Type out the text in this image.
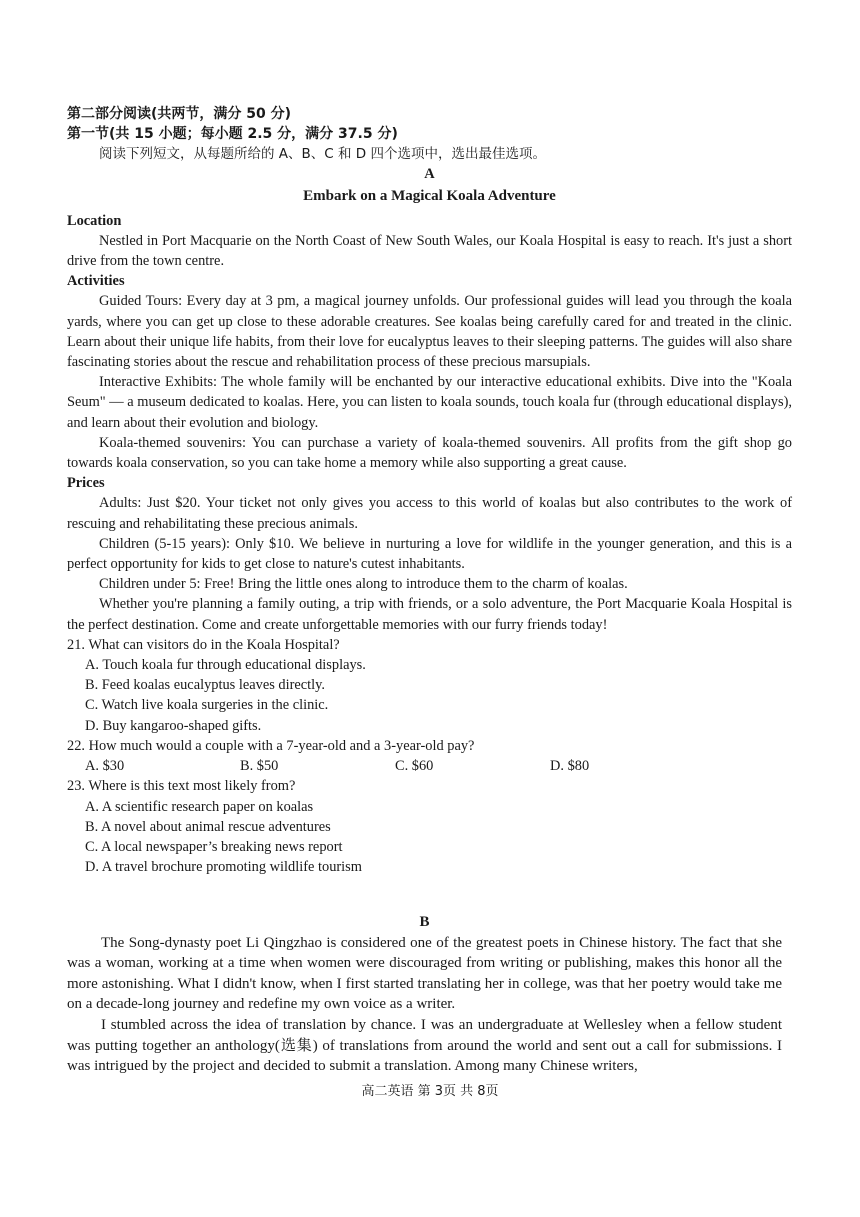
第二部分阅读(共两节，满分 50 分)

第一节(共 15 小题；每小题 2.5 分，满分 37.5 分)

阅读下列短文，从每题所给的 A、B、C 和 D 四个选项中，选出最佳选项。

A

Embark on a Magical Koala Adventure

Location

Nestled in Port Macquarie on the North Coast of New South Wales, our Koala Hospital is easy to reach. It's just a short drive from the town centre.

Activities

Guided Tours: Every day at 3 pm, a magical journey unfolds. Our professional guides will lead you through the koala yards, where you can get up close to these adorable creatures. See koalas being carefully cared for and treated in the clinic. Learn about their unique life habits, from their love for eucalyptus leaves to their sleeping patterns. The guides will also share fascinating stories about the rescue and rehabilitation process of these precious marsupials.

Interactive Exhibits: The whole family will be enchanted by our interactive educational exhibits. Dive into the "Koala Seum" — a museum dedicated to koalas. Here, you can listen to koala sounds, touch koala fur (through educational displays), and learn about their evolution and biology.

Koala-themed souvenirs: You can purchase a variety of koala-themed souvenirs. All profits from the gift shop go towards koala conservation, so you can take home a memory while also supporting a great cause.

Prices

Adults: Just $20. Your ticket not only gives you access to this world of koalas but also contributes to the work of rescuing and rehabilitating these precious animals.

Children (5-15 years): Only $10. We believe in nurturing a love for wildlife in the younger generation, and this is a perfect opportunity for kids to get close to nature's cutest inhabitants.

Children under 5: Free! Bring the little ones along to introduce them to the charm of koalas.

Whether you're planning a family outing, a trip with friends, or a solo adventure, the Port Macquarie Koala Hospital is the perfect destination. Come and create unforgettable memories with our furry friends today!

21. What can visitors do in the Koala Hospital?

A. Touch koala fur through educational displays.

B. Feed koalas eucalyptus leaves directly.

C. Watch live koala surgeries in the clinic.

D. Buy kangaroo-shaped gifts.

22. How much would a couple with a 7-year-old and a 3-year-old pay?

A. $30	B. $50	C. $60	D. $80

23. Where is this text most likely from?

A. A scientific research paper on koalas

B. A novel about animal rescue adventures

C. A local newspaper’s breaking news report

D. A travel brochure promoting wildlife tourism

B

The Song-dynasty poet Li Qingzhao is considered one of the greatest poets in Chinese history. The fact that she was a woman, working at a time when women were discouraged from writing or publishing, makes this honor all the more astonishing. What I didn't know, when I first started translating her in college, was that her poetry would take me on a decade-long journey and redefine my own voice as a writer.

I stumbled across the idea of translation by chance. I was an undergraduate at Wellesley when a fellow student was putting together an anthology(选集) of translations from around the world and sent out a call for submissions. I was intrigued by the project and decided to submit a translation. Among many Chinese writers,

高二英语 第 3页 共 8页
